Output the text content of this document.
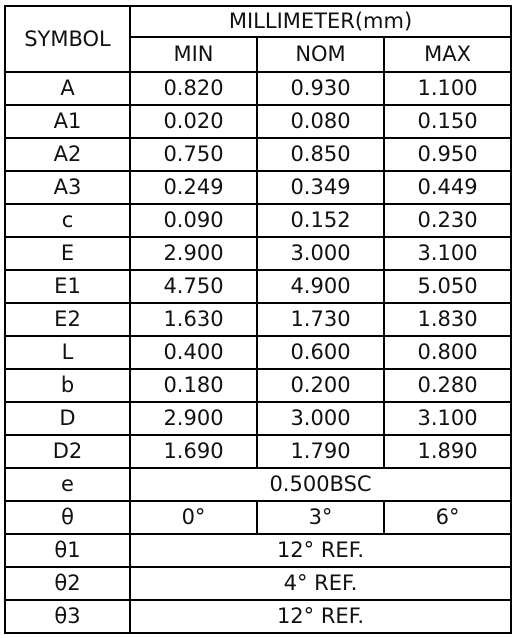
SYMBOL	MILLIMETER(mm)		
	MIN	NOM	MAX
A	0.820	0.930	1.100
A1	0.020	0.080	0.150
A2	0.750	0.850	0.950
A3	0.249	0.349	0.449
c	0.090	0.152	0.230
E	2.900	3.000	3.100
E1	4.750	4.900	5.050
E2	1.630	1.730	1.830
L	0.400	0.600	0.800
b	0.180	0.200	0.280
D	2.900	3.000	3.100
D2	1.690	1.790	1.890
e	0.500BSC		
θ	0°	3°	6°
θ1	12° REF.		
θ2	4° REF.		
θ3	12° REF.		
